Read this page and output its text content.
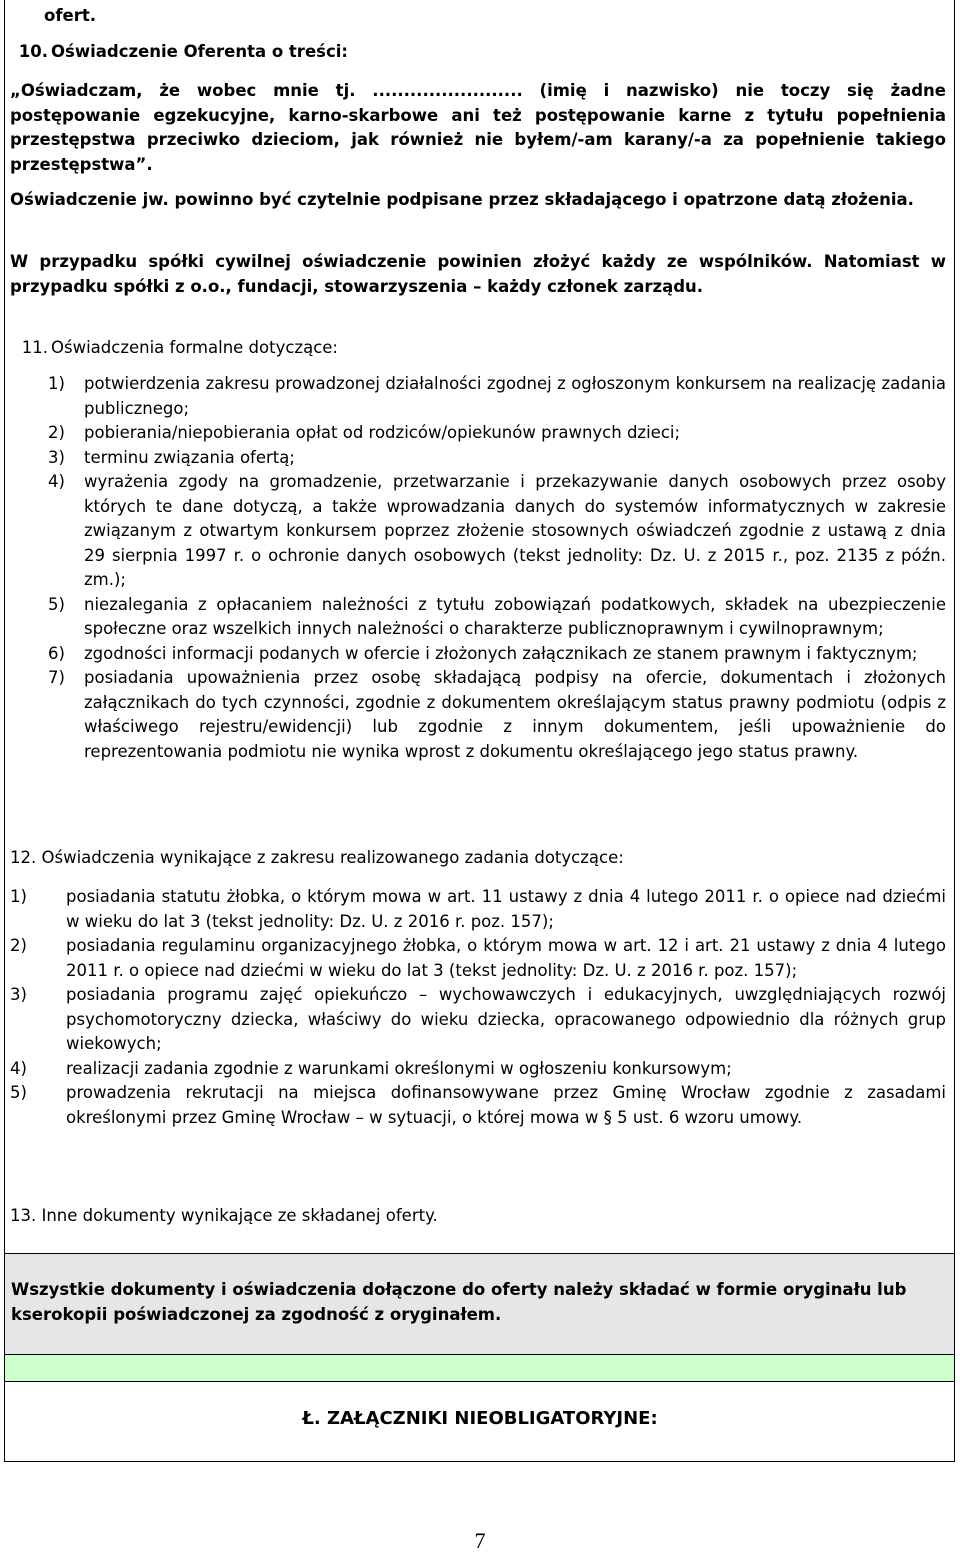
ofert.

10. Oświadczenie Oferenta o treści:

„Oświadczam, że wobec mnie tj. ........................ (imię i nazwisko) nie toczy się żadne postępowanie egzekucyjne, karno-skarbowe ani też postępowanie karne z tytułu popełnienia przestępstwa przeciwko dzieciom, jak również nie byłem/-am karany/-a za popełnienie takiego przestępstwa”.

Oświadczenie jw. powinno być czytelnie podpisane przez składającego i opatrzone datą złożenia.

W przypadku spółki cywilnej oświadczenie powinien złożyć każdy ze wspólników. Natomiast w przypadku spółki z o.o., fundacji, stowarzyszenia – każdy członek zarządu.

11. Oświadczenia formalne dotyczące:
1)	potwierdzenia zakresu prowadzonej działalności zgodnej z ogłoszonym konkursem na realizację zadania publicznego;
2)	pobierania/niepobierania opłat od rodziców/opiekunów prawnych dzieci;
3)	terminu związania ofertą;
4)	wyrażenia zgody na gromadzenie, przetwarzanie i przekazywanie danych osobowych przez osoby których te dane dotyczą, a także wprowadzania danych do systemów informatycznych w zakresie związanym z otwartym konkursem poprzez złożenie stosownych oświadczeń zgodnie z ustawą z dnia 29 sierpnia 1997 r. o ochronie danych osobowych (tekst jednolity: Dz. U. z 2015 r., poz. 2135 z późn. zm.);
5)	niezalegania z opłacaniem należności z tytułu zobowiązań podatkowych, składek na ubezpieczenie społeczne oraz wszelkich innych należności o charakterze publicznoprawnym i cywilnoprawnym;
6)	zgodności informacji podanych w ofercie i złożonych załącznikach ze stanem prawnym i faktycznym;
7)	posiadania upoważnienia przez osobę składającą podpisy na ofercie, dokumentach i złożonych załącznikach do tych czynności, zgodnie z dokumentem określającym status prawny podmiotu (odpis z właściwego rejestru/ewidencji) lub zgodnie z innym dokumentem, jeśli upoważnienie do reprezentowania podmiotu nie wynika wprost z dokumentu określającego jego status prawny.

12. Oświadczenia wynikające z zakresu realizowanego zadania dotyczące:

1)	posiadania statutu żłobka, o którym mowa w art. 11 ustawy z dnia 4 lutego 2011 r. o opiece nad dziećmi w wieku do lat 3 (tekst jednolity: Dz. U. z 2016 r. poz. 157);
2)	posiadania regulaminu organizacyjnego żłobka, o którym mowa w art. 12 i art. 21 ustawy z dnia 4 lutego 2011 r. o opiece nad dziećmi w wieku do lat 3 (tekst jednolity: Dz. U. z 2016 r. poz. 157);
3)	posiadania programu zajęć opiekuńczo – wychowawczych i edukacyjnych, uwzględniających rozwój psychomotoryczny dziecka, właściwy do wieku dziecka, opracowanego odpowiednio dla różnych grup wiekowych;
4)	realizacji zadania zgodnie z warunkami określonymi w ogłoszeniu konkursowym;
5)	prowadzenia rekrutacji na miejsca dofinansowywane przez Gminę Wrocław zgodnie z zasadami określonymi przez Gminę Wrocław – w sytuacji, o której mowa w § 5 ust. 6 wzoru umowy.

13. Inne dokumenty wynikające ze składanej oferty.

Wszystkie dokumenty i oświadczenia dołączone do oferty należy składać w formie oryginału lub kserokopii poświadczonej za zgodność z oryginałem.

Ł. ZAŁĄCZNIKI NIEOBLIGATORYJNE:
7
